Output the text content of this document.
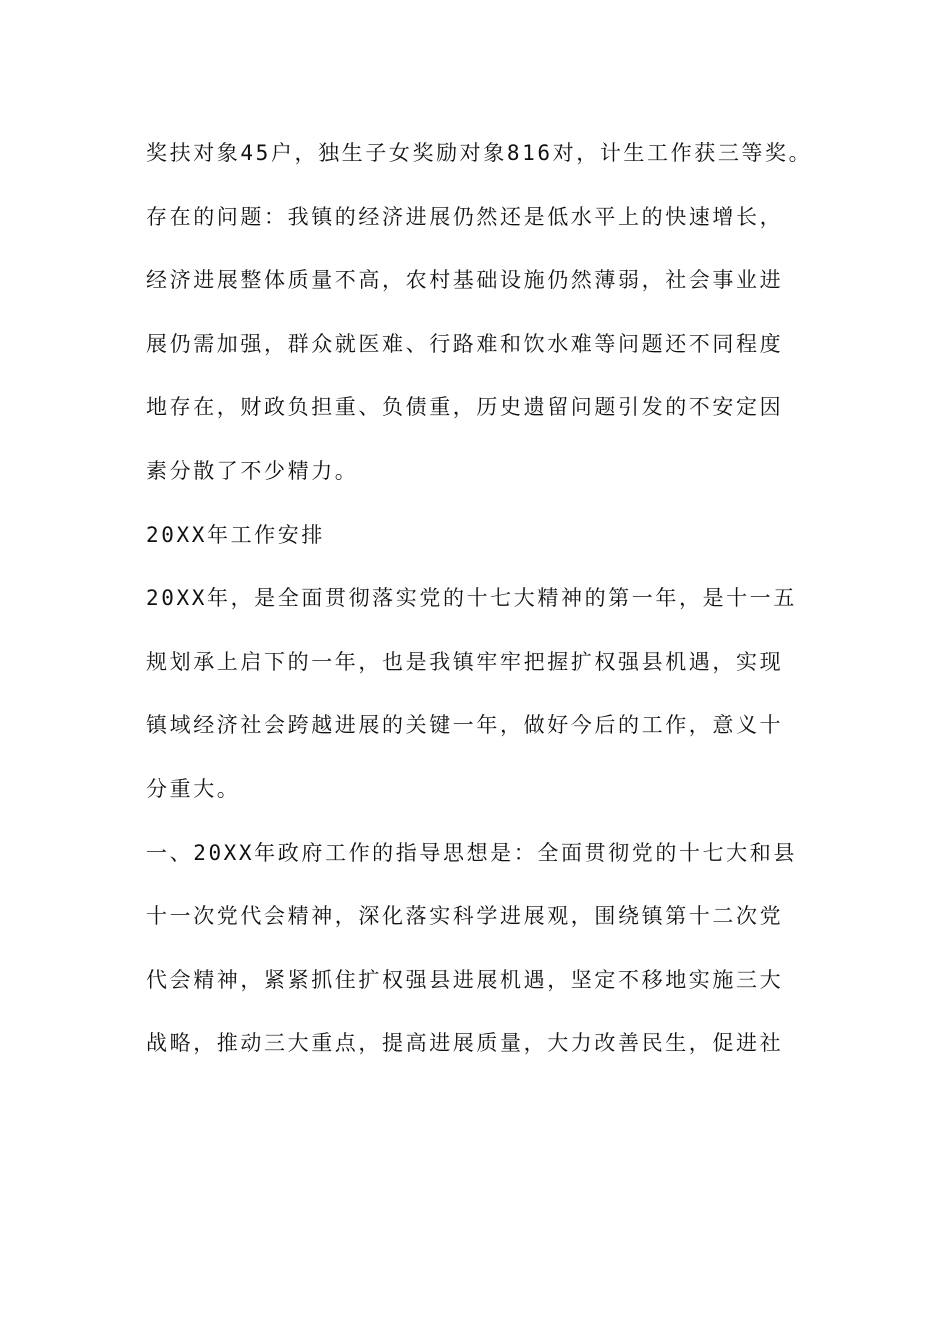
奖扶对象45户，独生子女奖励对象816对，计生工作获三等奖。
存在的问题：我镇的经济进展仍然还是低水平上的快速增长，
经济进展整体质量不高，农村基础设施仍然薄弱，社会事业进
展仍需加强，群众就医难、行路难和饮水难等问题还不同程度
地存在，财政负担重、负债重，历史遗留问题引发的不安定因
素分散了不少精力。
20XX年工作安排
20XX年，是全面贯彻落实党的十七大精神的第一年，是十一五
规划承上启下的一年，也是我镇牢牢把握扩权强县机遇，实现
镇域经济社会跨越进展的关键一年，做好今后的工作，意义十
分重大。
一、20XX年政府工作的指导思想是：全面贯彻党的十七大和县
十一次党代会精神，深化落实科学进展观，围绕镇第十二次党
代会精神，紧紧抓住扩权强县进展机遇，坚定不移地实施三大
战略，推动三大重点，提高进展质量，大力改善民生，促进社
